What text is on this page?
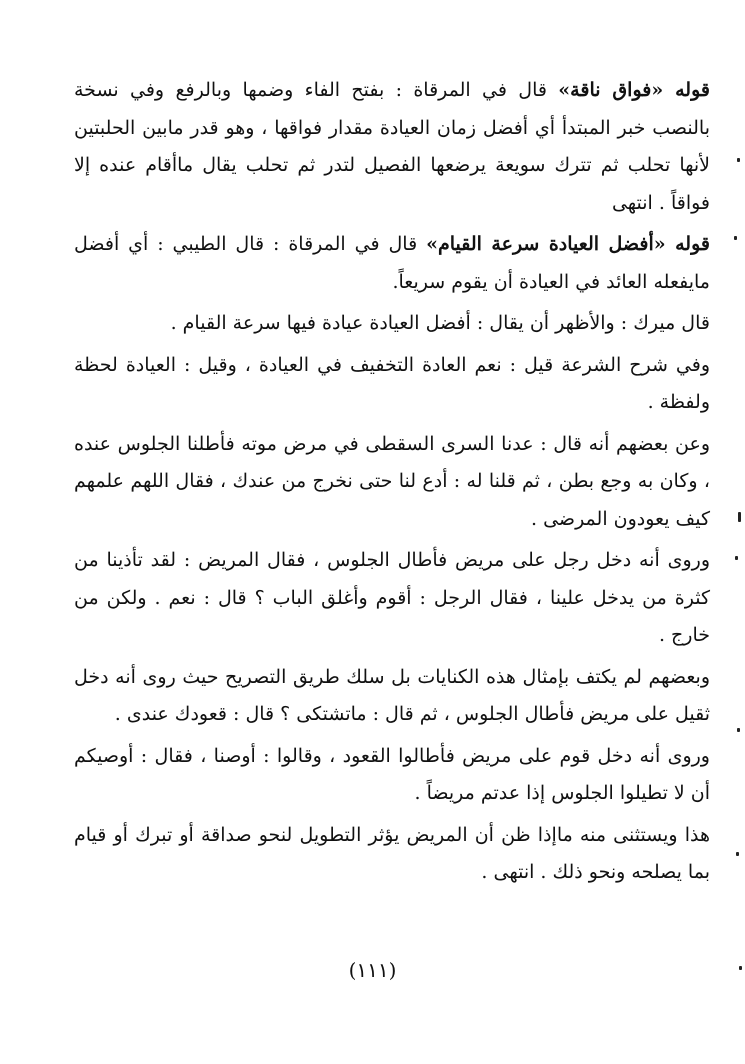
قوله «فواق ناقة» قال في المرقاة : بفتح الفاء وضمها وبالرفع وفي نسخة بالنصب خبر المبتدأ أي أفضل زمان العيادة مقدار فواقها ، وهو قدر مابين الحلبتين لأنها تحلب ثم تترك سويعة يرضعها الفصيل لتدر ثم تحلب يقال ماأقام عنده إلا فواقاً . انتهى

قوله «أفضل العيادة سرعة القيام» قال في المرقاة : قال الطيبي : أي أفضل مايفعله العائد في العيادة أن يقوم سريعاً.

قال ميرك : والأظهر أن يقال : أفضل العيادة عيادة فيها سرعة القيام .

وفي شرح الشرعة قيل : نعم العادة التخفيف في العيادة ، وقيل : العيادة لحظة ولفظة .

وعن بعضهم أنه قال : عدنا السرى السقطى في مرض موته فأطلنا الجلوس عنده ، وكان به وجع بطن ، ثم قلنا له : أدع لنا حتى نخرج من عندك ، فقال اللهم علمهم كيف يعودون المرضى .

وروى أنه دخل رجل على مريض فأطال الجلوس ، فقال المريض : لقد تأذينا من كثرة من يدخل علينا ، فقال الرجل : أقوم وأغلق الباب ؟ قال : نعم . ولكن من خارج .

وبعضهم لم يكتف بإمثال هذه الكنايات بل سلك طريق التصريح حيث روى أنه دخل ثقيل على مريض فأطال الجلوس ، ثم قال : ماتشتكى ؟ قال : قعودك عندى .

وروى أنه دخل قوم على مريض فأطالوا القعود ، وقالوا : أوصنا ، فقال : أوصيكم أن لا تطيلوا الجلوس إذا عدتم مريضاً .

هذا ويستثنى منه ماإذا ظن أن المريض يؤثر التطويل لنحو صداقة أو تبرك أو قيام بما يصلحه ونحو ذلك . انتهى .

(١١١)
